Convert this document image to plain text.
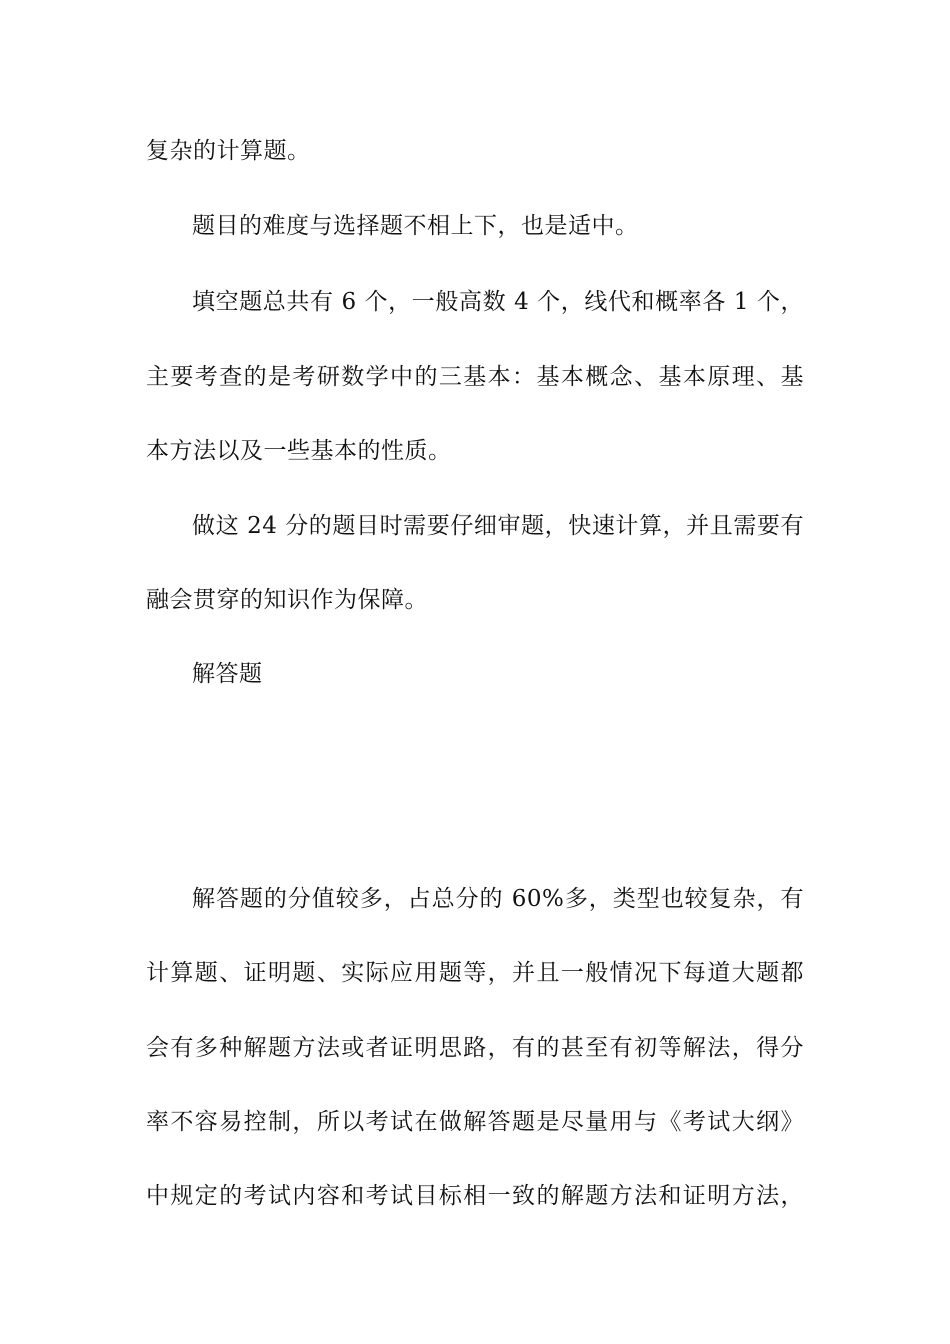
复杂的计算题。
题目的难度与选择题不相上下，也是适中。
填空题总共有 6 个，一般高数 4 个，线代和概率各 1 个，
主要考查的是考研数学中的三基本：基本概念、基本原理、基
本方法以及一些基本的性质。
做这 24 分的题目时需要仔细审题，快速计算，并且需要有
融会贯穿的知识作为保障。
解答题
解答题的分值较多，占总分的 60%多，类型也较复杂，有
计算题、证明题、实际应用题等，并且一般情况下每道大题都
会有多种解题方法或者证明思路，有的甚至有初等解法，得分
率不容易控制，所以考试在做解答题是尽量用与《考试大纲》
中规定的考试内容和考试目标相一致的解题方法和证明方法，
